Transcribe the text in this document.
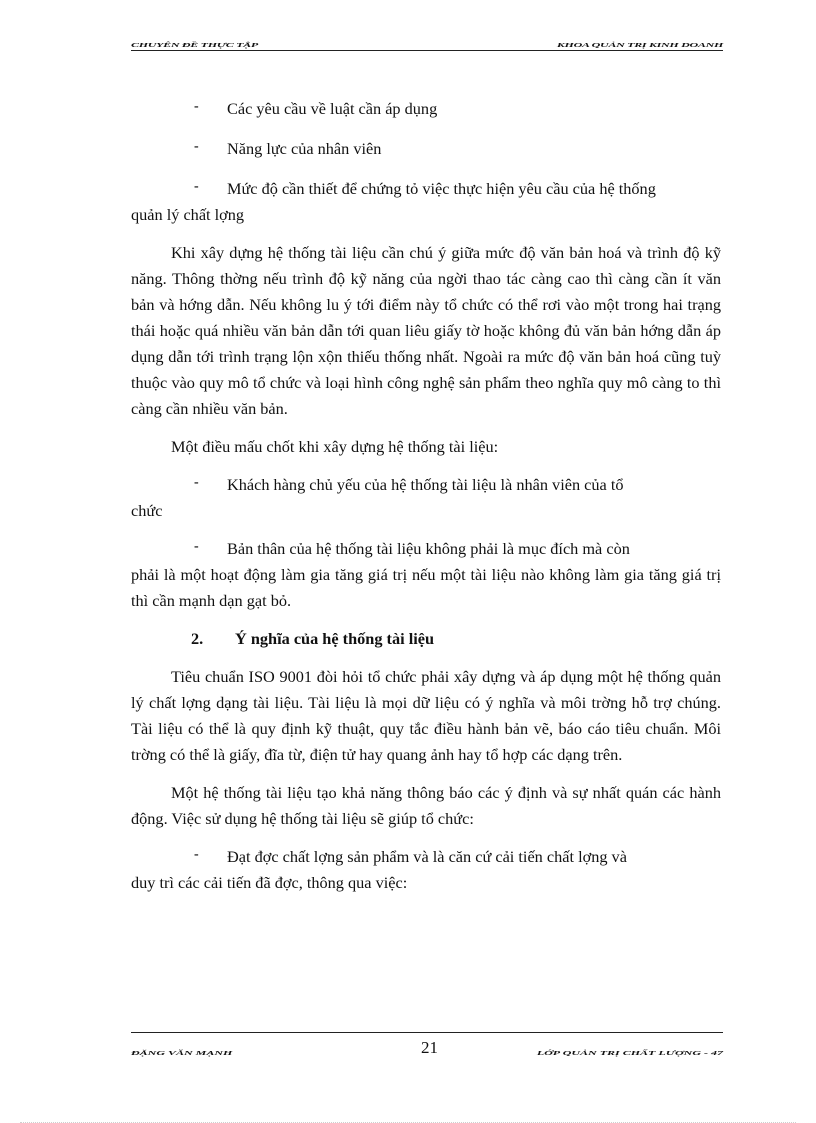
CHUYÊN ĐỀ THỰC TẬP	KHOA QUẢN TRỊ KINH DOANH

- Các yêu cầu về luật cần áp dụng

- Năng lực của nhân viên

- Mức độ cần thiết để chứng tỏ việc thực hiện yêu cầu của hệ thống

quản lý chất lợng

Khi xây dựng hệ thống tài liệu cần chú ý giữa mức độ văn bản hoá và trình độ kỹ năng. Thông thờng nếu trình độ kỹ năng của ngời thao tác càng cao thì càng cần ít văn bản và hớng dẫn. Nếu không lu ý tới điểm này tổ chức có thể rơi vào một trong hai trạng thái hoặc quá nhiều văn bản dẫn tới quan liêu giấy tờ hoặc không đủ văn bản hớng dẫn áp dụng dẫn tới trình trạng lộn xộn thiếu thống nhất. Ngoài ra mức độ văn bản hoá cũng tuỳ thuộc vào quy mô tổ chức và loại hình công nghệ sản phẩm theo nghĩa quy mô càng to thì càng cần nhiều văn bản.

Một điều mấu chốt khi xây dựng hệ thống tài liệu:

- Khách hàng chủ yếu của hệ thống tài liệu là nhân viên của tổ

chức

- Bản thân của hệ thống tài liệu không phải là mục đích mà còn

phải là một hoạt động làm gia tăng giá trị nếu một tài liệu nào không làm gia tăng giá trị thì cần mạnh dạn gạt bỏ.

2. Ý nghĩa của hệ thống tài liệu

Tiêu chuẩn ISO 9001 đòi hỏi tổ chức phải xây dựng và áp dụng một hệ thống quản lý chất lợng dạng tài liệu. Tài liệu là mọi dữ liệu có ý nghĩa và môi trờng hỗ trợ chúng. Tài liệu có thể là quy định kỹ thuật, quy tắc điều hành bản vẽ, báo cáo tiêu chuẩn. Môi trờng có thể là giấy, đĩa từ, điện tử hay quang ảnh hay tổ hợp các dạng trên.

Một hệ thống tài liệu tạo khả năng thông báo các ý định và sự nhất quán các hành động. Việc sử dụng hệ thống tài liệu sẽ giúp tổ chức:

- Đạt đợc chất lợng sản phẩm và là căn cứ cải tiến chất lợng và

duy trì các cải tiến đã đợc, thông qua việc:

ĐẶNG VĂN MẠNH	21	LỚP QUẢN TRỊ CHẤT LƯỢNG - 47
